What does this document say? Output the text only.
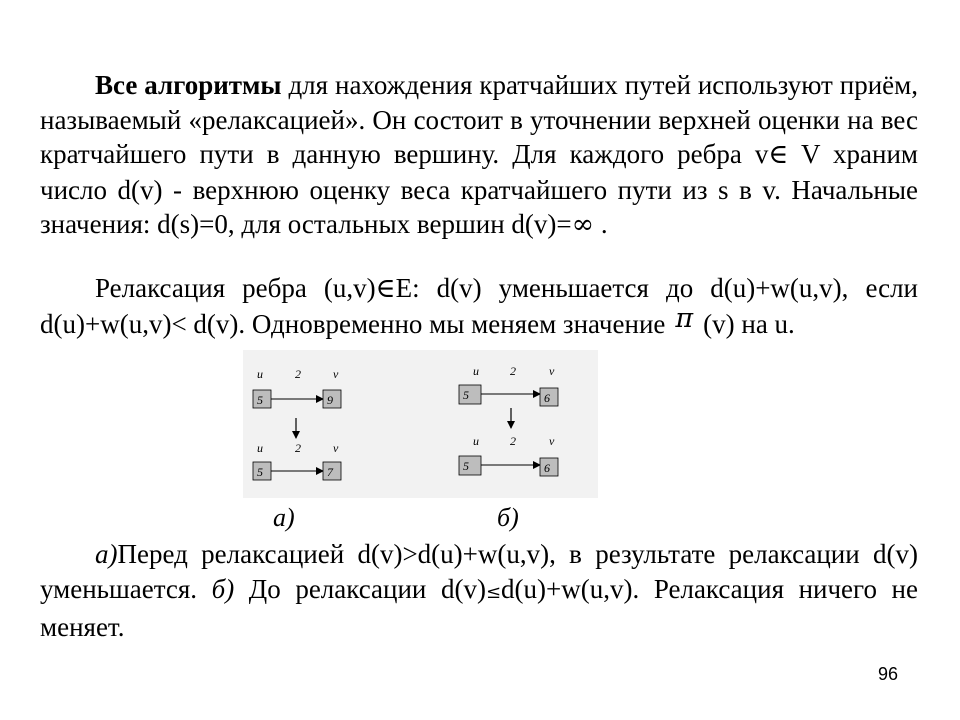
Все алгоритмы для нахождения кратчайших путей используют приём, называемый «релаксацией». Он состоит в уточнении верхней оценки на вес кратчайшего пути в данную вершину. Для каждого ребра v∈ V храним число d(v) - верхнюю оценку веса кратчайшего пути из s в v. Начальные значения: d(s)=0, для остальных вершин d(v)=∞ .

Релаксация ребра (u,v)∈E: d(v) уменьшается до d(u)+w(u,v), если d(u)+w(u,v)< d(v). Одновременно мы меняем значение π (v) на u.

u	2	v
5	9
u	2	v
5	7
u	2	v
5	6
u	2	v
5	6
а)	б)

а)Перед релаксацией d(v)>d(u)+w(u,v), в результате релаксации d(v) уменьшается. б) До релаксации d(v)≤d(u)+w(u,v). Релаксация ничего не меняет.

96
